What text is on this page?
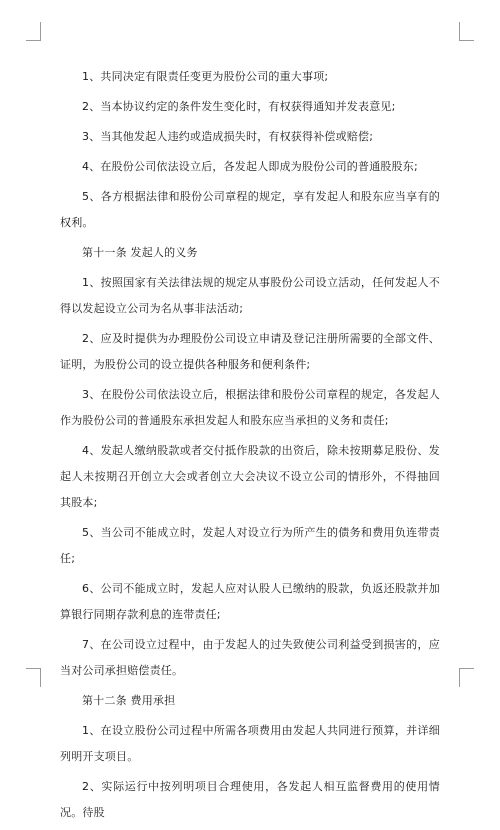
1、共同决定有限责任变更为股份公司的重大事项;

2、当本协议约定的条件发生变化时，有权获得通知并发表意见;

3、当其他发起人违约或造成损失时，有权获得补偿或赔偿;

4、在股份公司依法设立后，各发起人即成为股份公司的普通股股东;

5、各方根据法律和股份公司章程的规定，享有发起人和股东应当享有的权利。

第十一条 发起人的义务

1、按照国家有关法律法规的规定从事股份公司设立活动，任何发起人不得以发起设立公司为名从事非法活动;

2、应及时提供为办理股份公司设立申请及登记注册所需要的全部文件、证明，为股份公司的设立提供各种服务和便利条件;

3、在股份公司依法设立后，根据法律和股份公司章程的规定，各发起人作为股份公司的普通股东承担发起人和股东应当承担的义务和责任;

4、发起人缴纳股款或者交付抵作股款的出资后，除未按期募足股份、发起人未按期召开创立大会或者创立大会决议不设立公司的情形外，不得抽回其股本;

5、当公司不能成立时，发起人对设立行为所产生的债务和费用负连带责任;

6、公司不能成立时，发起人应对认股人已缴纳的股款，负返还股款并加算银行同期存款利息的连带责任;

7、在公司设立过程中，由于发起人的过失致使公司利益受到损害的，应当对公司承担赔偿责任。

第十二条 费用承担

1、在设立股份公司过程中所需各项费用由发起人共同进行预算，并详细列明开支项目。

2、实际运行中按列明项目合理使用，各发起人相互监督费用的使用情况。待股
